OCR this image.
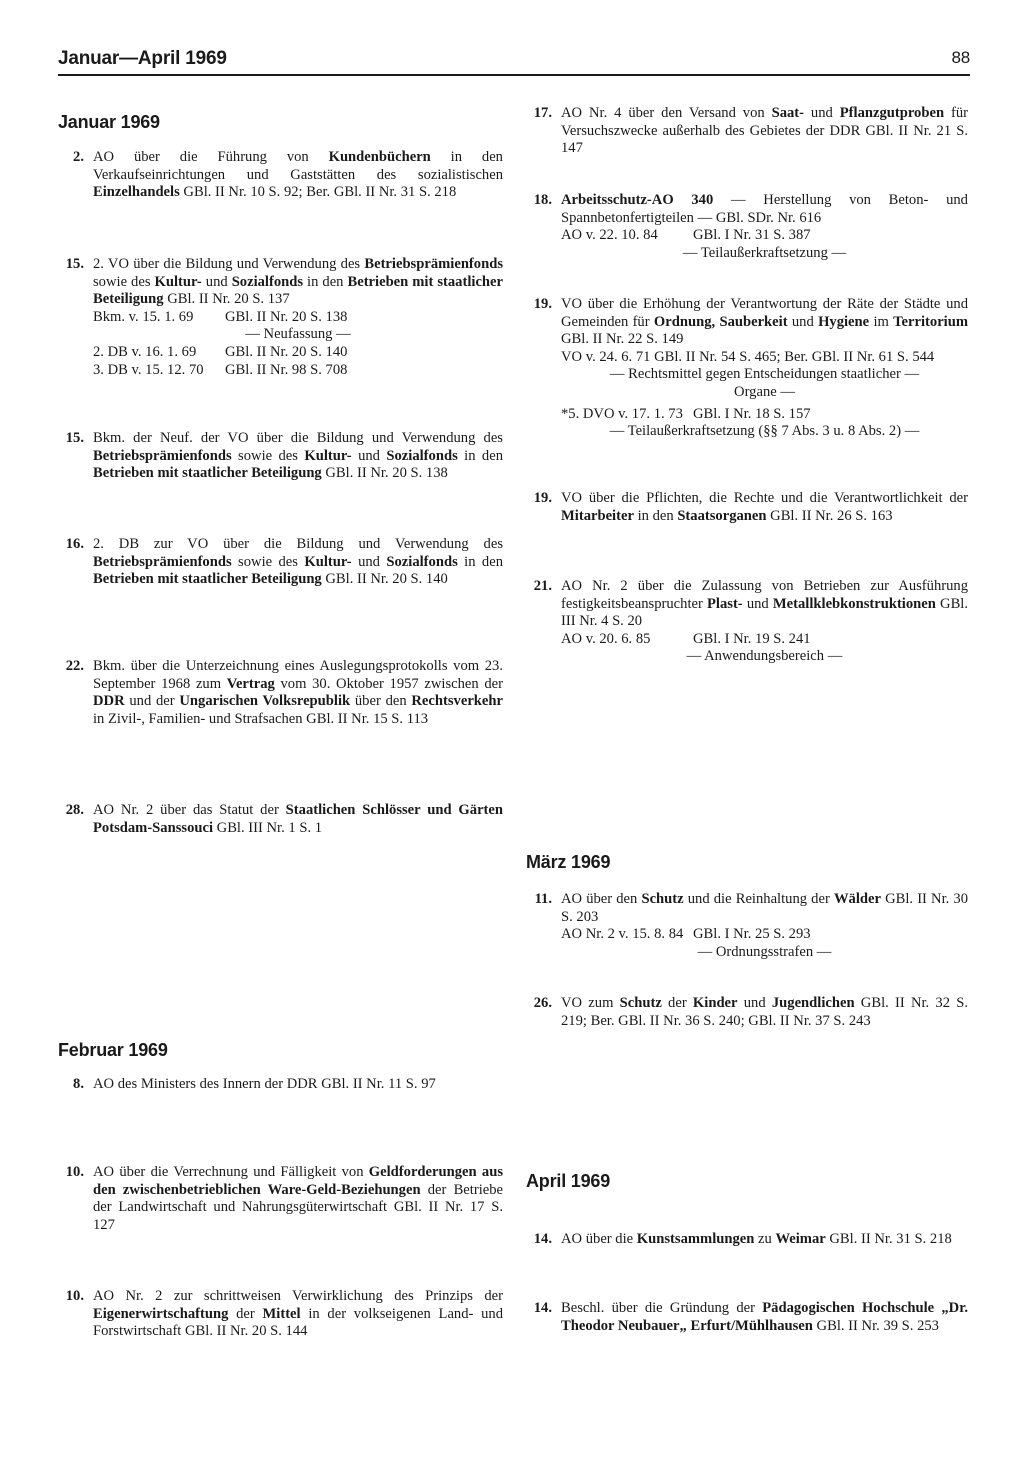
Januar—April 1969	88
Januar 1969
2. AO über die Führung von Kundenbüchern in den Verkaufseinrichtungen und Gaststätten des sozialistischen Einzelhandels GBl. II Nr. 10 S. 92; Ber. GBl. II Nr. 31 S. 218
15. 2. VO über die Bildung und Verwendung des Betriebsprämienfonds sowie des Kultur- und Sozialfonds in den Betrieben mit staatlicher Beteiligung GBl. II Nr. 20 S. 137
Bkm. v. 15. 1. 69 GBl. II Nr. 20 S. 138
— Neufassung —
2. DB v. 16. 1. 69 GBl. II Nr. 20 S. 140
3. DB v. 15. 12. 70 GBl. II Nr. 98 S. 708
15. Bkm. der Neuf. der VO über die Bildung und Verwendung des Betriebsprämienfonds sowie des Kultur- und Sozialfonds in den Betrieben mit staatlicher Beteiligung GBl. II Nr. 20 S. 138
16. 2. DB zur VO über die Bildung und Verwendung des Betriebsprämienfonds sowie des Kultur- und Sozialfonds in den Betrieben mit staatlicher Beteiligung GBl. II Nr. 20 S. 140
22. Bkm. über die Unterzeichnung eines Auslegungsprotokolls vom 23. September 1968 zum Vertrag vom 30. Oktober 1957 zwischen der DDR und der Ungarischen Volksrepublik über den Rechtsverkehr in Zivil-, Familien- und Strafsachen GBl. II Nr. 15 S. 113
28. AO Nr. 2 über das Statut der Staatlichen Schlösser und Gärten Potsdam-Sanssouci GBl. III Nr. 1 S. 1
Februar 1969
8. AO des Ministers des Innern der DDR GBl. II Nr. 11 S. 97
10. AO über die Verrechnung und Fälligkeit von Geldforderungen aus den zwischenbetrieblichen Ware-Geld-Beziehungen der Betriebe der Landwirtschaft und Nahrungsgüterwirtschaft GBl. II Nr. 17 S. 127
10. AO Nr. 2 zur schrittweisen Verwirklichung des Prinzips der Eigenerwirtschaftung der Mittel in der volkseigenen Land- und Forstwirtschaft GBl. II Nr. 20 S. 144
17. AO Nr. 4 über den Versand von Saat- und Pflanzgutproben für Versuchszwecke außerhalb des Gebietes der DDR GBl. II Nr. 21 S. 147
18. Arbeitsschutz-AO 340 — Herstellung von Beton- und Spannbetonfertigteilen — GBl. SDr. Nr. 616
AO v. 22. 10. 84 GBl. I Nr. 31 S. 387
— Teilaußerkraftsetzung —
19. VO über die Erhöhung der Verantwortung der Räte der Städte und Gemeinden für Ordnung, Sauberkeit und Hygiene im Territorium GBl. II Nr. 22 S. 149
VO v. 24. 6. 71 GBl. II Nr. 54 S. 465; Ber. GBl. II Nr. 61 S. 544
— Rechtsmittel gegen Entscheidungen staatlicher —
Organe —
*5. DVO v. 17. 1. 73 GBl. I Nr. 18 S. 157
— Teilaußerkraftsetzung (§§ 7 Abs. 3 u. 8 Abs. 2) —
19. VO über die Pflichten, die Rechte und die Verantwortlichkeit der Mitarbeiter in den Staatsorganen GBl. II Nr. 26 S. 163
21. AO Nr. 2 über die Zulassung von Betrieben zur Ausführung festigkeitsbeanspruchter Plast- und Metallklebkonstruktionen GBl. III Nr. 4 S. 20
AO v. 20. 6. 85	GBl. I Nr. 19 S. 241
— Anwendungsbereich —
März 1969
11. AO über den Schutz und die Reinhaltung der Wälder GBl. II Nr. 30 S. 203
AO Nr. 2 v. 15. 8. 84 GBl. I Nr. 25 S. 293
— Ordnungsstrafen —
26. VO zum Schutz der Kinder und Jugendlichen GBl. II Nr. 32 S. 219; Ber. GBl. II Nr. 36 S. 240; GBl. II Nr. 37 S. 243
April 1969
14. AO über die Kunstsammlungen zu Weimar GBl. II Nr. 31 S. 218
14. Beschl. über die Gründung der Pädagogischen Hochschule „Dr. Theodor Neubauer„ Erfurt/Mühlhausen GBl. II Nr. 39 S. 253
